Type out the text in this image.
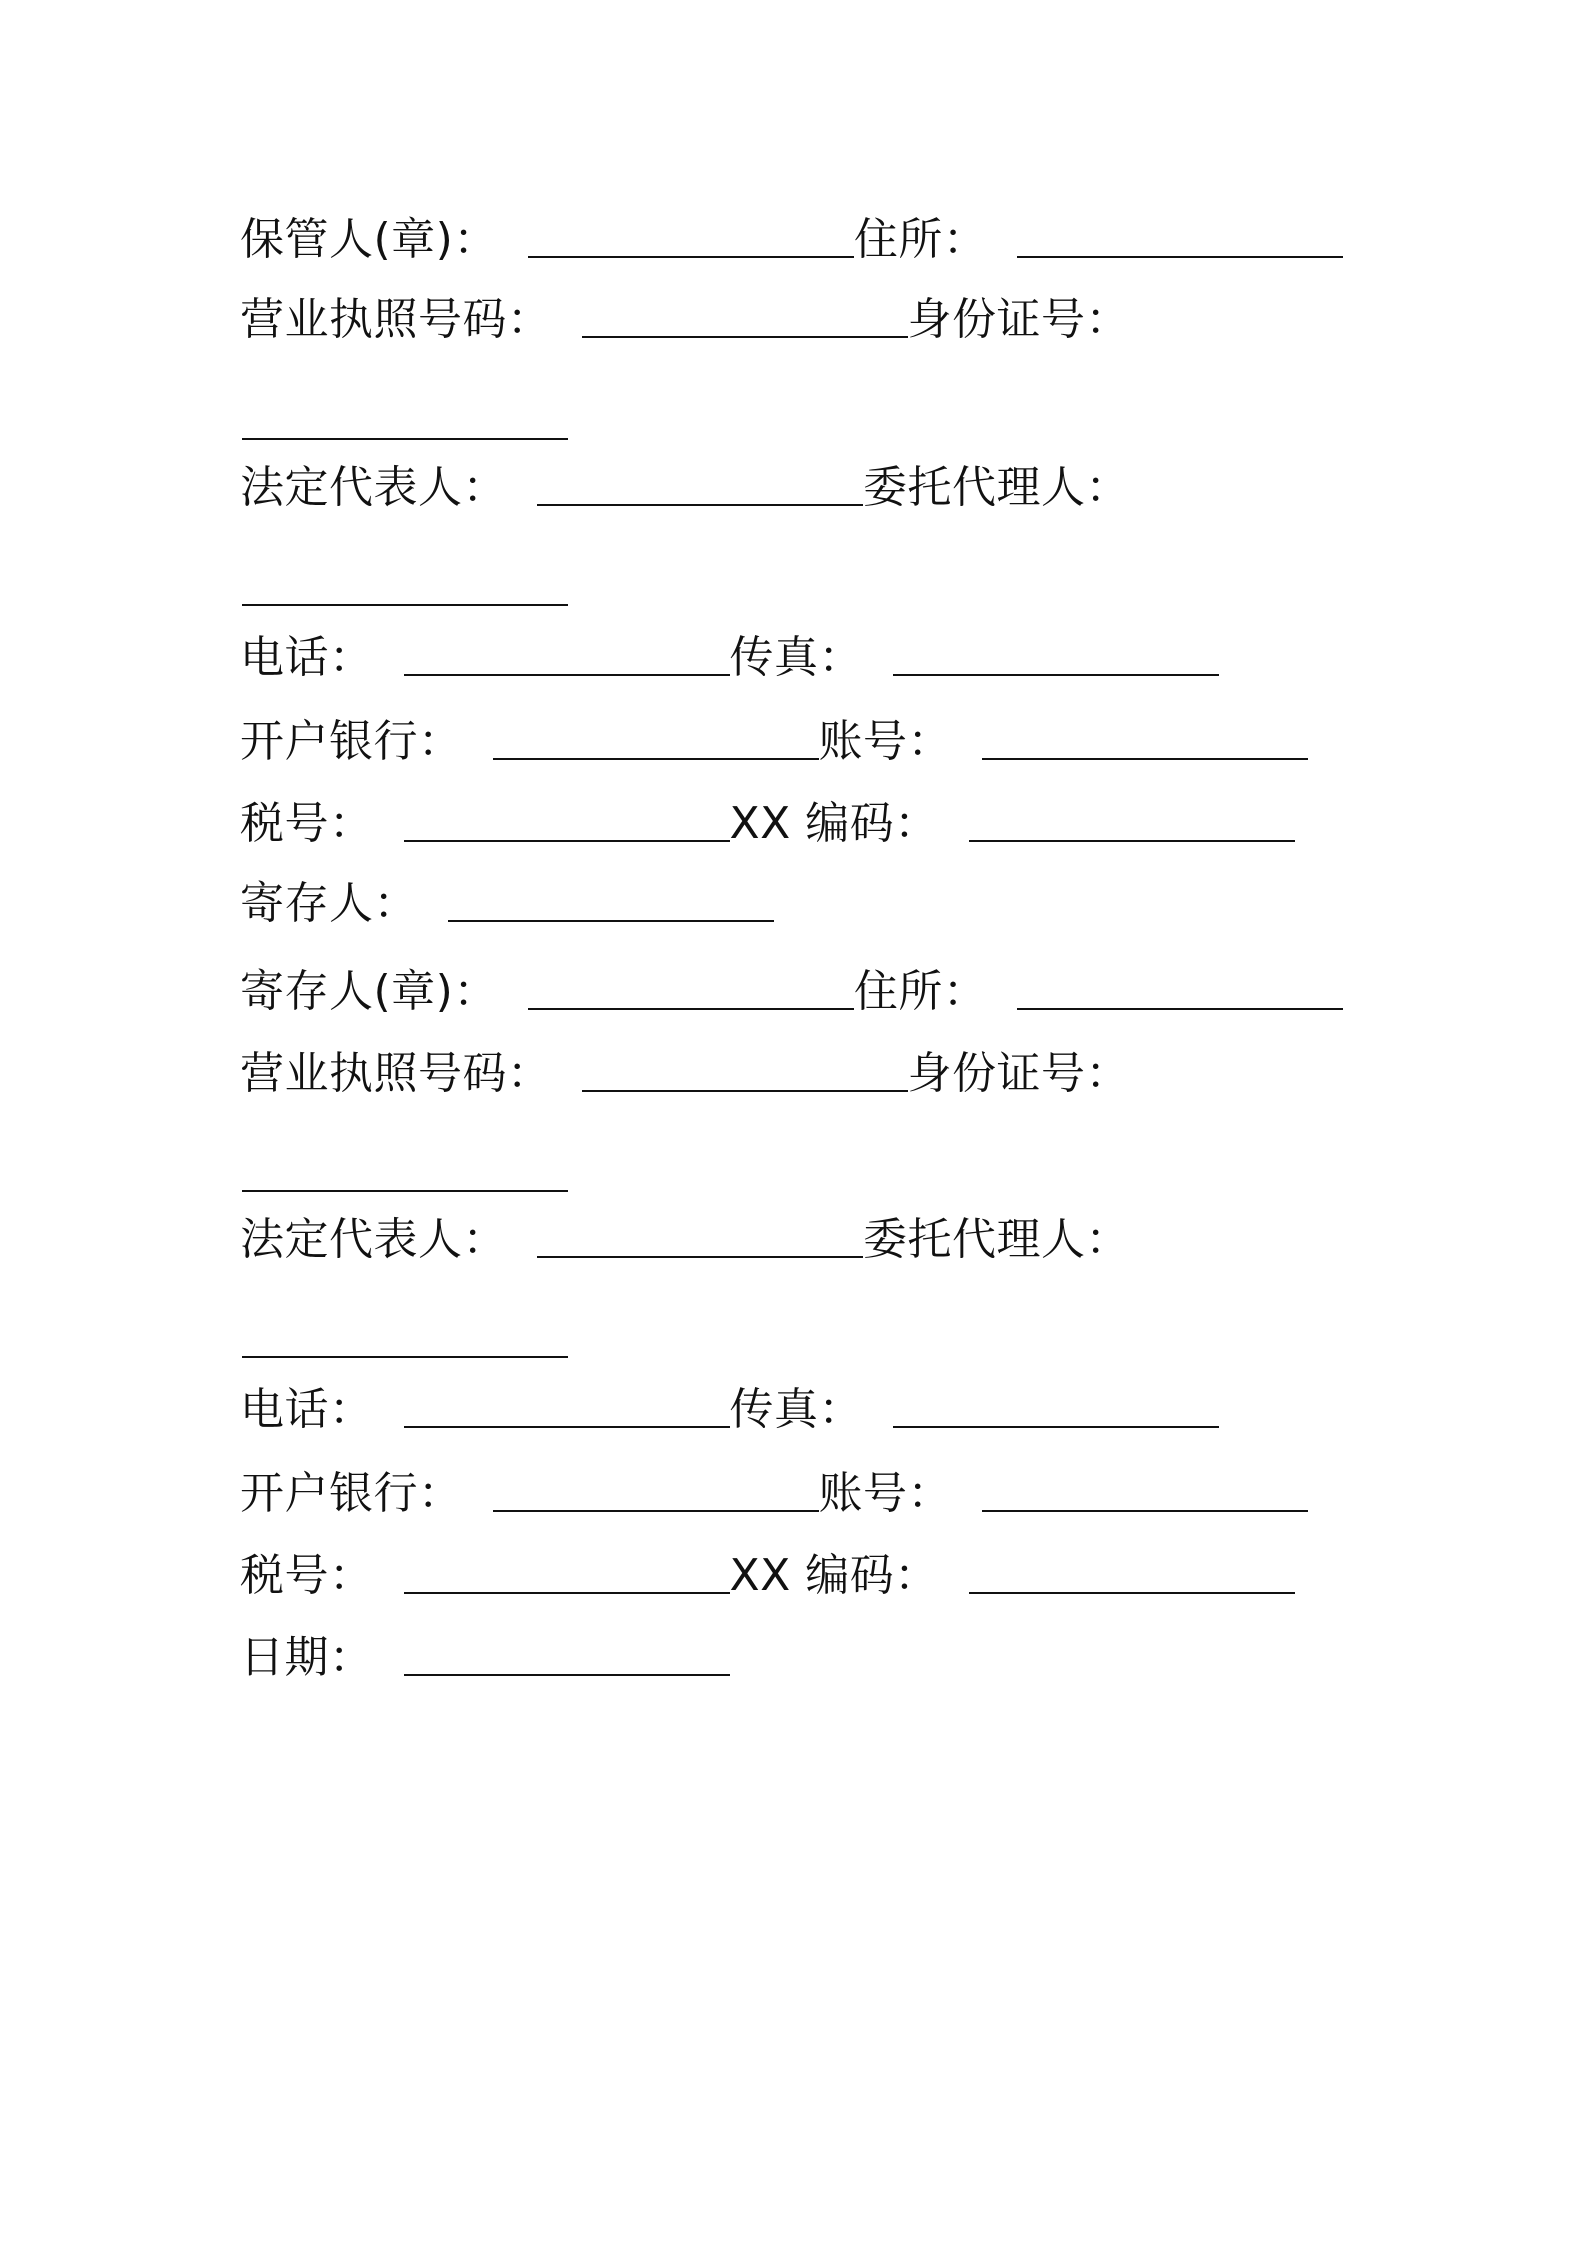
保管人(章)：	住所：
营业执照号码：	身份证号：
法定代表人：	委托代理人：
电话：	传真：
开户银行：	账号：
税号：	XX 编码：
寄存人：
寄存人(章)：	住所：
营业执照号码：	身份证号：
法定代表人：	委托代理人：
电话：	传真：
开户银行：	账号：
税号：	XX 编码：
日期：
